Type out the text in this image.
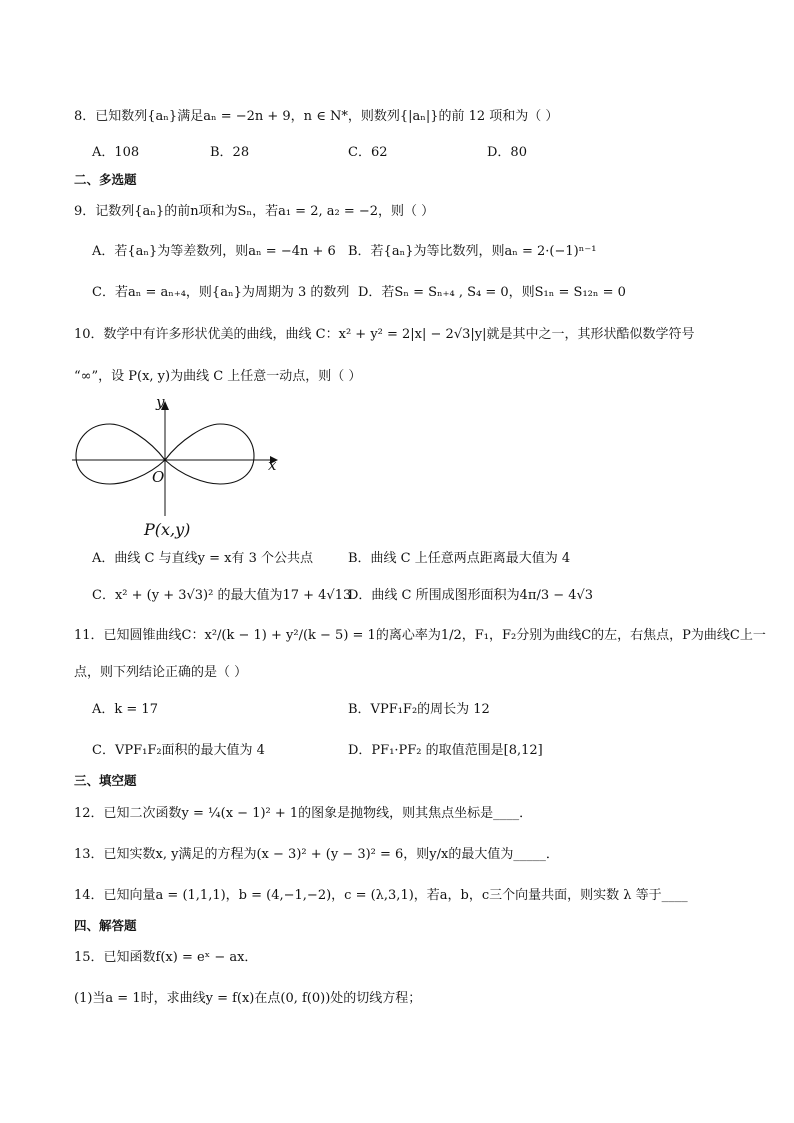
8．已知数列{aₙ}满足aₙ = −2n + 9，n ∈ N*，则数列{|aₙ|}的前 12 项和为（ ）
A．108	B．28	C．62	D．80
二、多选题
9．记数列{aₙ}的前n项和为Sₙ，若a₁ = 2, a₂ = −2，则（ ）
A．若{aₙ}为等差数列，则aₙ = −4n + 6 B．若{aₙ}为等比数列，则aₙ = 2·(−1)ⁿ⁻¹
C．若aₙ = aₙ₊₄，则{aₙ}为周期为 3 的数列 D．若Sₙ = Sₙ₊₄ , S₄ = 0，则S₁ₙ = S₁₂ₙ = 0
10．数学中有许多形状优美的曲线，曲线 C：x² + y² = 2|x| − 2√3|y|就是其中之一，其形状酷似数学符号
“∞”，设 P(x, y)为曲线 C 上任意一动点，则（ ）
y
x
O
P(x,y)
A．曲线 C 与直线y = x有 3 个公共点	B．曲线 C 上任意两点距离最大值为 4
C．x² + (y + 3√3)² 的最大值为17 + 4√13
D．曲线 C 所围成图形面积为4π/3 − 4√3
11．已知圆锥曲线C：x²/(k − 1) + y²/(k − 5) = 1的离心率为1/2，F₁，F₂分别为曲线C的左，右焦点，P为曲线C上一
点，则下列结论正确的是（ ）
A．k = 17	B．VPF₁F₂的周长为 12
C．VPF₁F₂面积的最大值为 4	D．PF₁·PF₂ 的取值范围是[8,12]
三、填空题
12．已知二次函数y = ¼(x − 1)² + 1的图象是抛物线，则其焦点坐标是____．
13．已知实数x, y满足的方程为(x − 3)² + (y − 3)² = 6，则y/x的最大值为_____．
14．已知向量a = (1,1,1)，b = (4,−1,−2)，c = (λ,3,1)，若a，b，c三个向量共面，则实数 λ 等于____
四、解答题
15．已知函数f(x) = eˣ − ax．
(1)当a = 1时，求曲线y = f(x)在点(0, f(0))处的切线方程；
